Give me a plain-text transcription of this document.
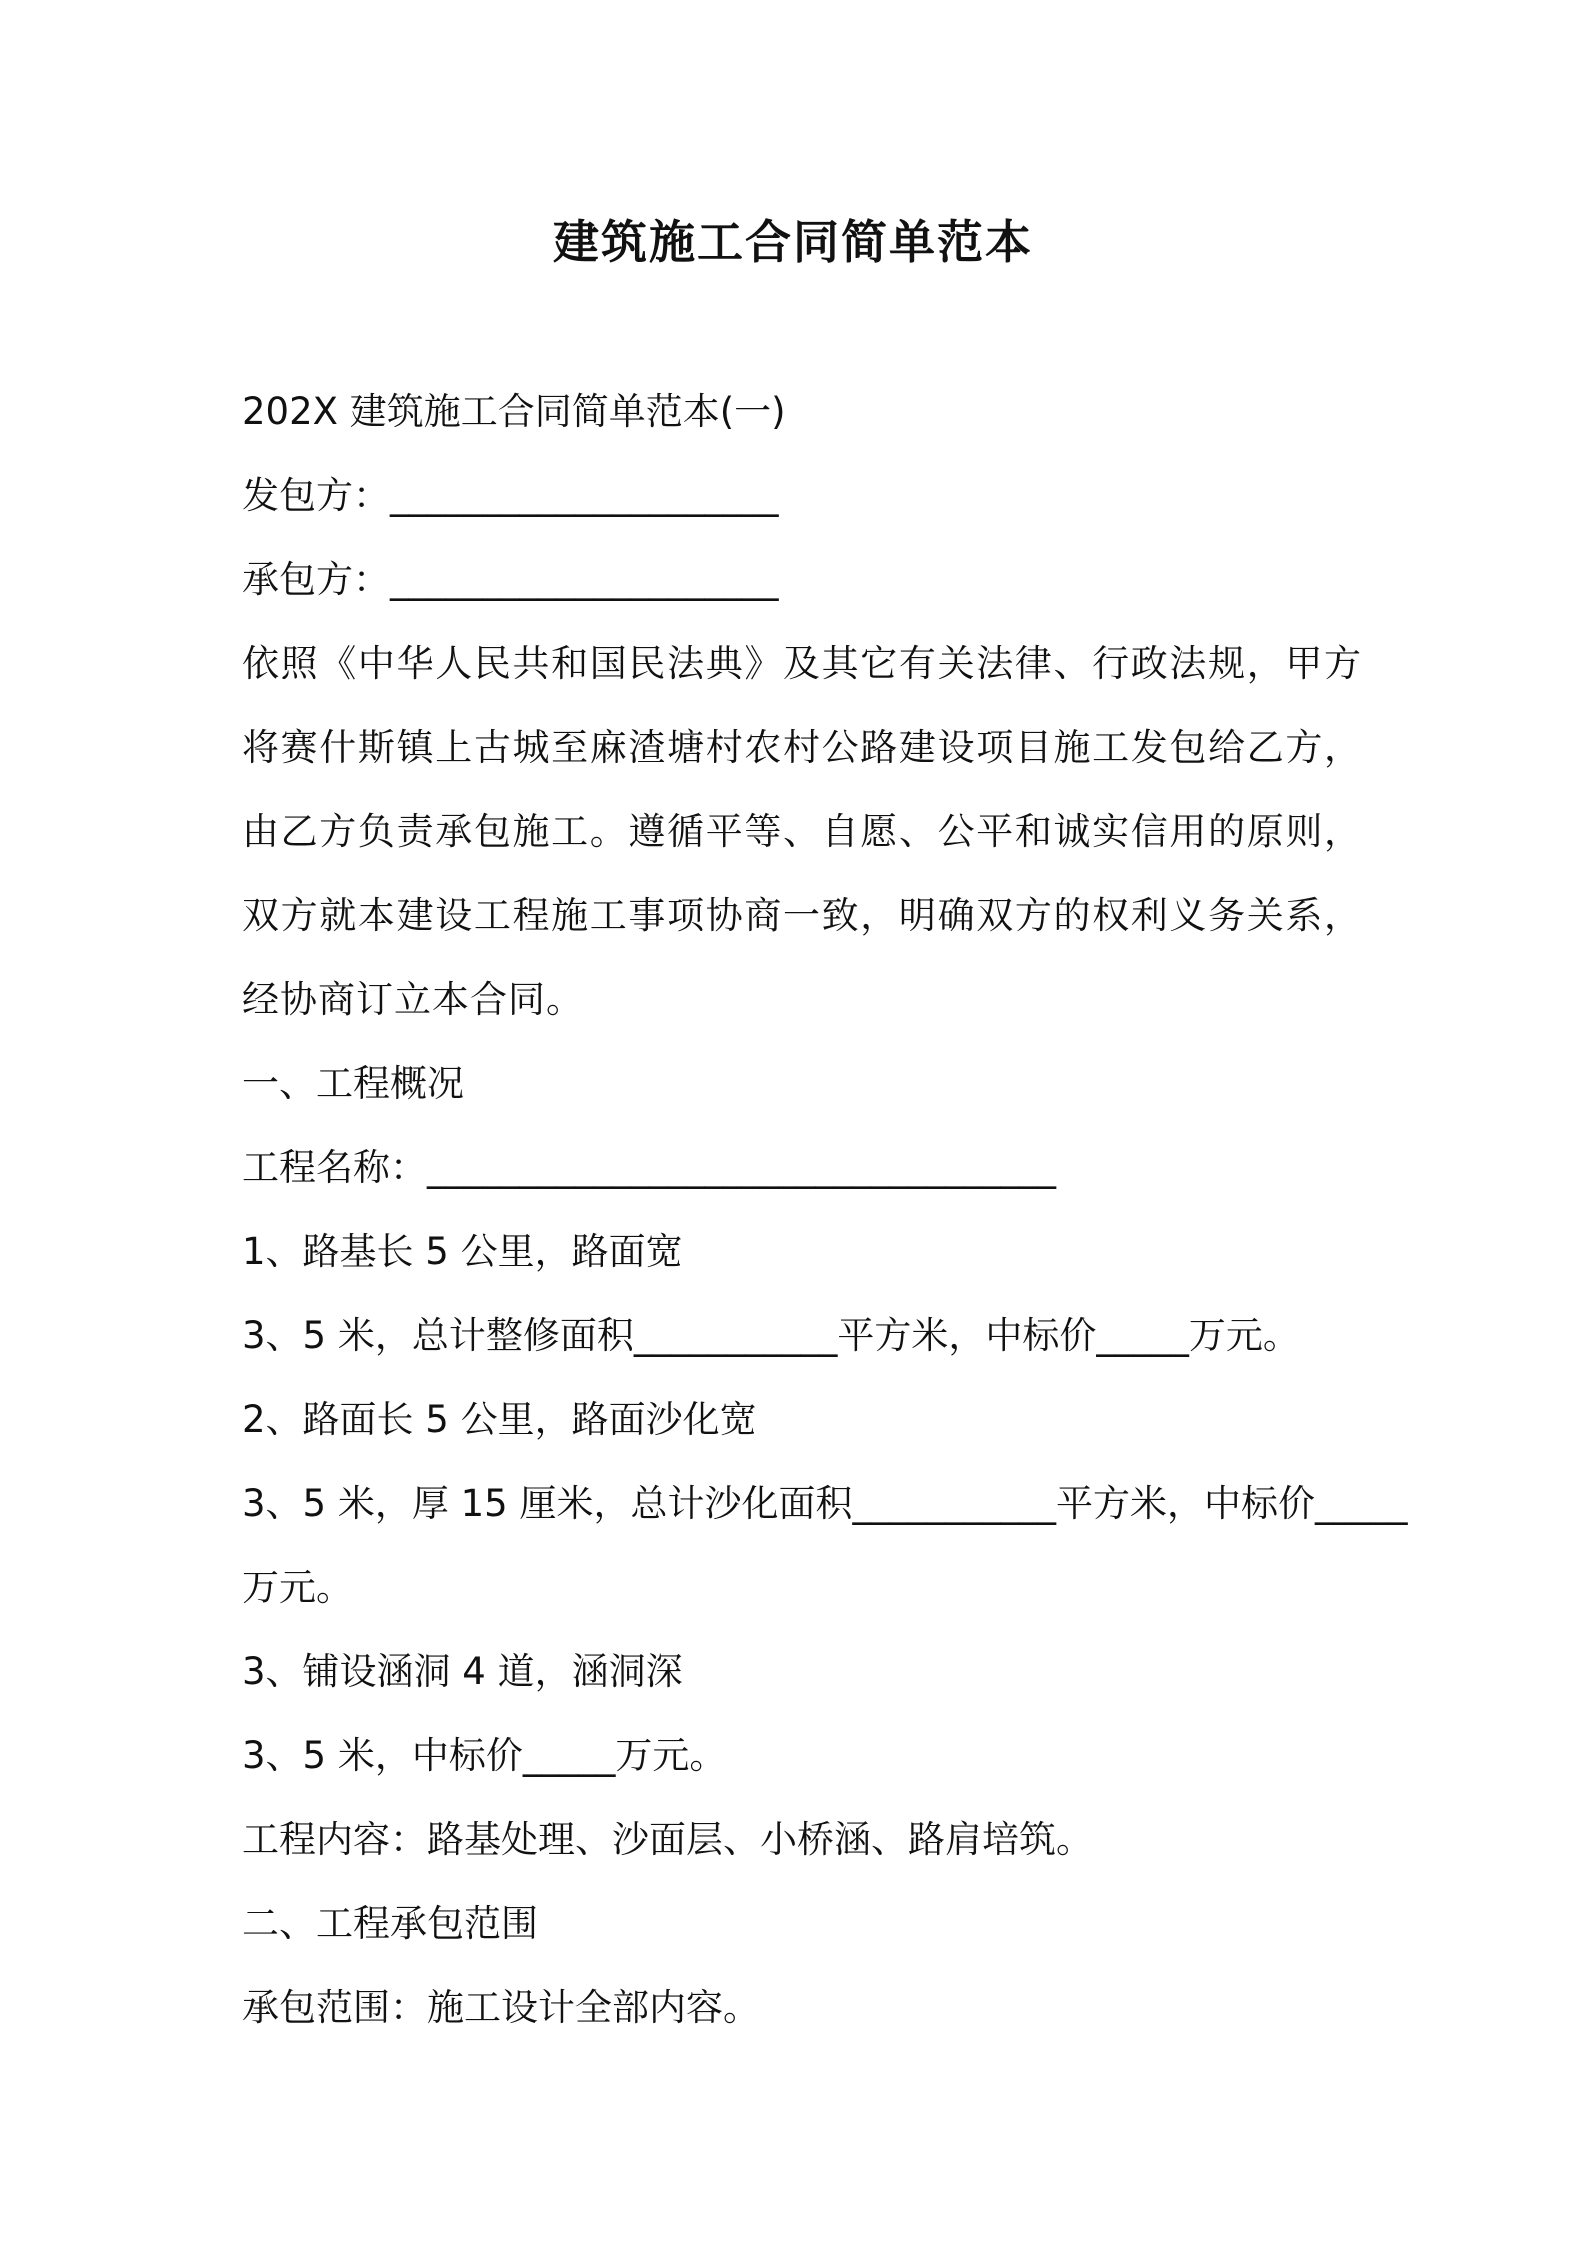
建筑施工合同简单范本
202X 建筑施工合同简单范本(一)
发包方：_____________________
承包方：_____________________
依照《中华人民共和国民法典》及其它有关法律、行政法规，甲方将赛什斯镇上古城至麻渣塘村农村公路建设项目施工发包给乙方，由乙方负责承包施工。遵循平等、自愿、公平和诚实信用的原则，双方就本建设工程施工事项协商一致，明确双方的权利义务关系，经协商订立本合同。
一、工程概况
工程名称：__________________________________
1、路基长 5 公里，路面宽
3、5 米，总计整修面积___________平方米，中标价_____万元。
2、路面长 5 公里，路面沙化宽
3、5 米，厚 15 厘米，总计沙化面积___________平方米，中标价_____
万元。
3、铺设涵洞 4 道，涵洞深
3、5 米，中标价_____万元。
工程内容：路基处理、沙面层、小桥涵、路肩培筑。
二、工程承包范围
承包范围：施工设计全部内容。
